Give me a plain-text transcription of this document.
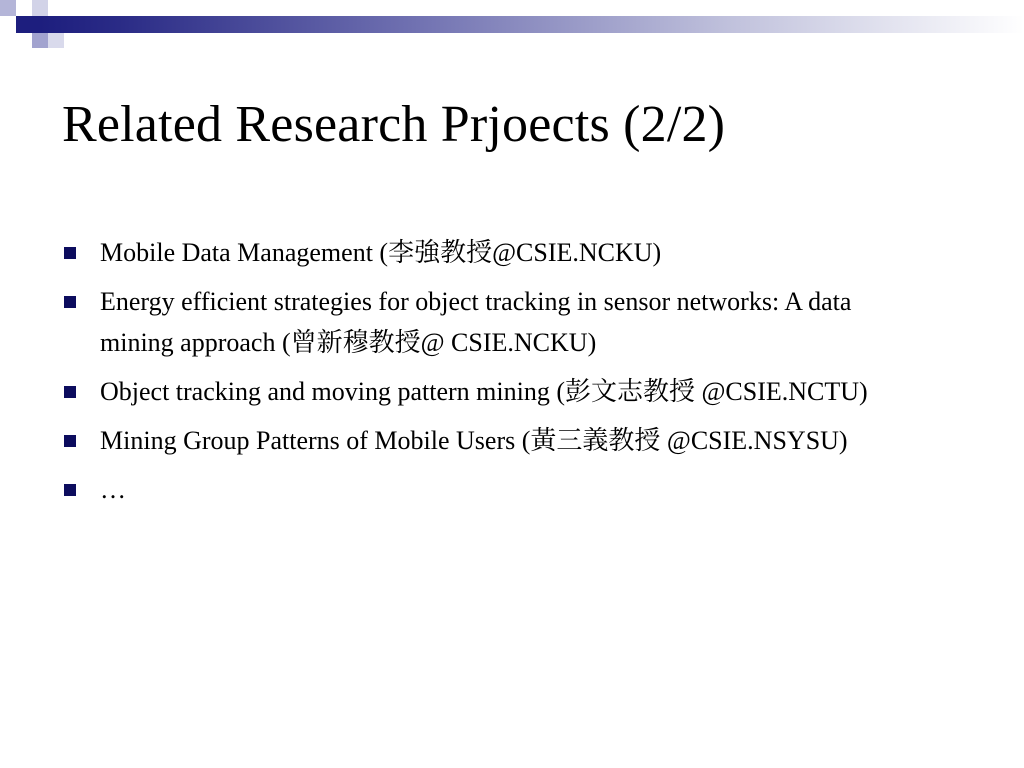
Related Research Prjoects (2/2)
Mobile Data Management (李強教授@CSIE.NCKU)
Energy efficient strategies for object tracking in sensor networks: A data mining approach (曾新穆教授@ CSIE.NCKU)
Object tracking and moving pattern mining (彭文志教授 @CSIE.NCTU)
Mining Group Patterns of Mobile Users (黃三義教授 @CSIE.NSYSU)
…
